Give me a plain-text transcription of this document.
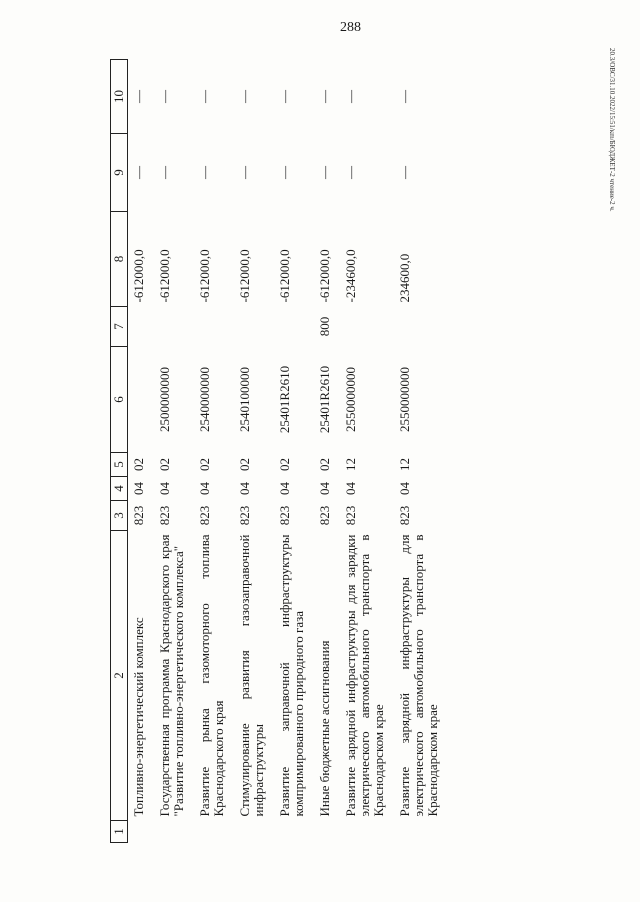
288
20.3/ОВС/31.10.2022/15:51/кm/БЮДЖЕТ-2 чтение-2 ч.
1	2	3	4	5	6	7	8	9	10
	Топливно-энергетический комплекс	823	04	02			-612000,0	—	—
	Государственная программа Краснодарского края "Развитие топливно-энергетического комплекса"	823	04	02	2500000000		-612000,0	—	—
	Развитие рынка газомоторного топлива Краснодарского края	823	04	02	2540000000		-612000,0	—	—
	Стимулирование развития газозаправочной инфраструктуры	823	04	02	2540100000		-612000,0	—	—
	Развитие заправочной инфраструктуры компримированного природного газа	823	04	02	25401R2610		-612000,0	—	—
	Иные бюджетные ассигнования	823	04	02	25401R2610	800	-612000,0	—	—
	Развитие зарядной инфраструктуры для зарядки электрического автомобильного транспорта в Краснодарском крае	823	04	12	2550000000		-234600,0	—	—
	Развитие зарядной инфраструктуры для электрического автомобильного транспорта в Краснодарском крае	823	04	12	2550000000		234600,0	—	—
